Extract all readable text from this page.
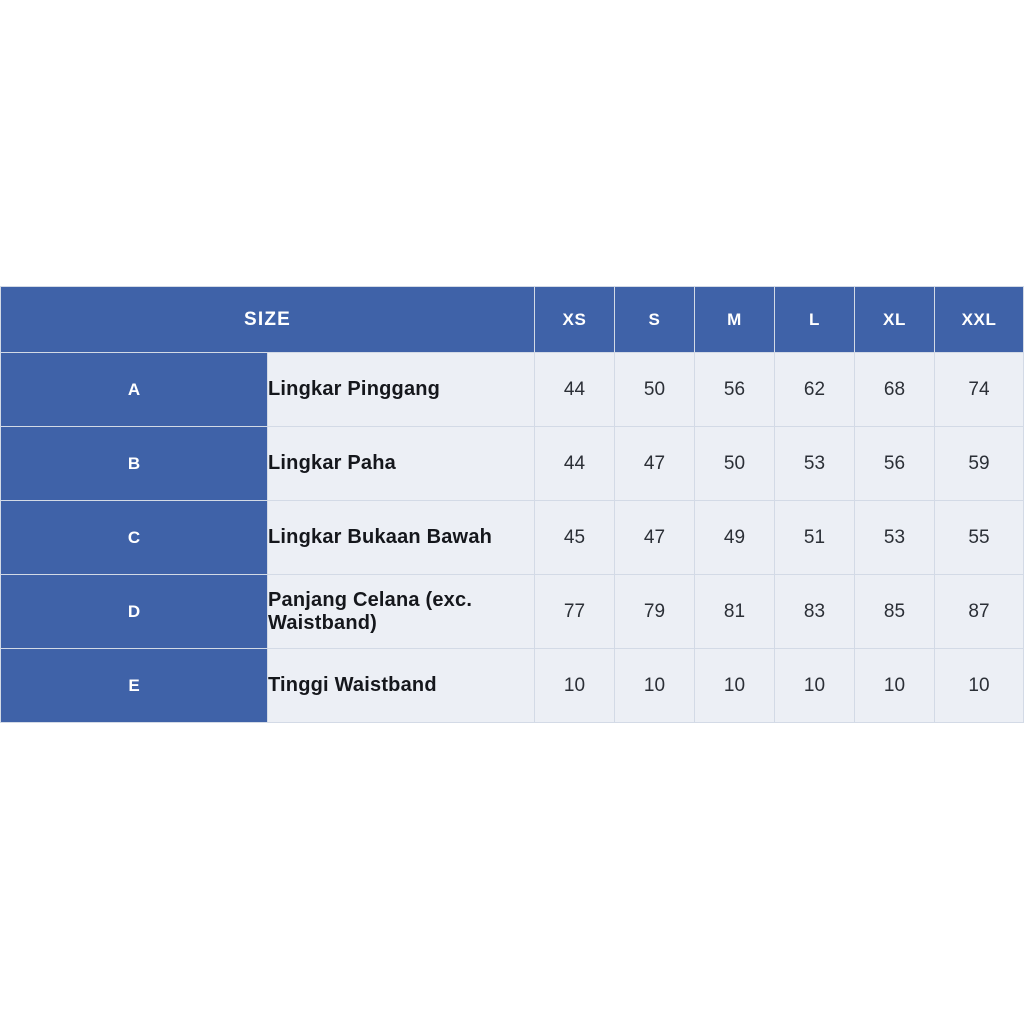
SIZE		XS	S	M	L	XL	XXL
A	Lingkar Pinggang	44	50	56	62	68	74
B	Lingkar Paha	44	47	50	53	56	59
C	Lingkar Bukaan Bawah	45	47	49	51	53	55
D	Panjang Celana (exc. Waistband)	77	79	81	83	85	87
E	Tinggi Waistband	10	10	10	10	10	10
